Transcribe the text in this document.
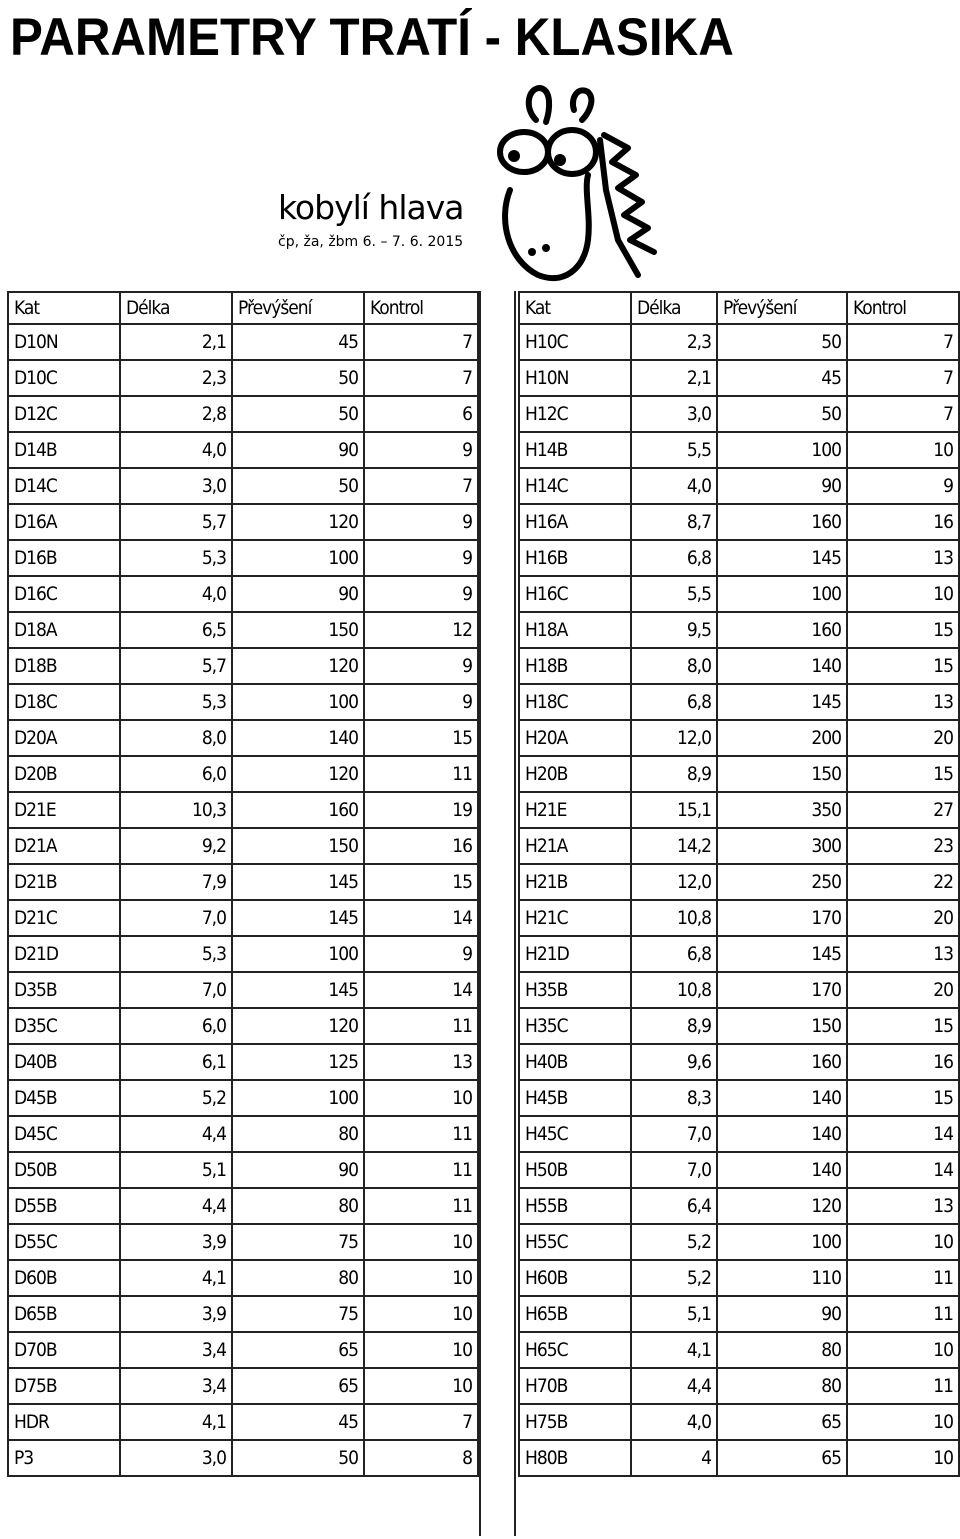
PARAMETRY TRATÍ - KLASIKA
kobylí hlava
čp, ža, žbm 6. – 7. 6. 2015
Kat	Délka	Převýšení	Kontrol
D10N	2,1	45	7
D10C	2,3	50	7
D12C	2,8	50	6
D14B	4,0	90	9
D14C	3,0	50	7
D16A	5,7	120	9
D16B	5,3	100	9
D16C	4,0	90	9
D18A	6,5	150	12
D18B	5,7	120	9
D18C	5,3	100	9
D20A	8,0	140	15
D20B	6,0	120	11
D21E	10,3	160	19
D21A	9,2	150	16
D21B	7,9	145	15
D21C	7,0	145	14
D21D	5,3	100	9
D35B	7,0	145	14
D35C	6,0	120	11
D40B	6,1	125	13
D45B	5,2	100	10
D45C	4,4	80	11
D50B	5,1	90	11
D55B	4,4	80	11
D55C	3,9	75	10
D60B	4,1	80	10
D65B	3,9	75	10
D70B	3,4	65	10
D75B	3,4	65	10
HDR	4,1	45	7
P3	3,0	50	8
Kat	Délka	Převýšení	Kontrol
H10C	2,3	50	7
H10N	2,1	45	7
H12C	3,0	50	7
H14B	5,5	100	10
H14C	4,0	90	9
H16A	8,7	160	16
H16B	6,8	145	13
H16C	5,5	100	10
H18A	9,5	160	15
H18B	8,0	140	15
H18C	6,8	145	13
H20A	12,0	200	20
H20B	8,9	150	15
H21E	15,1	350	27
H21A	14,2	300	23
H21B	12,0	250	22
H21C	10,8	170	20
H21D	6,8	145	13
H35B	10,8	170	20
H35C	8,9	150	15
H40B	9,6	160	16
H45B	8,3	140	15
H45C	7,0	140	14
H50B	7,0	140	14
H55B	6,4	120	13
H55C	5,2	100	10
H60B	5,2	110	11
H65B	5,1	90	11
H65C	4,1	80	10
H70B	4,4	80	11
H75B	4,0	65	10
H80B	4	65	10
